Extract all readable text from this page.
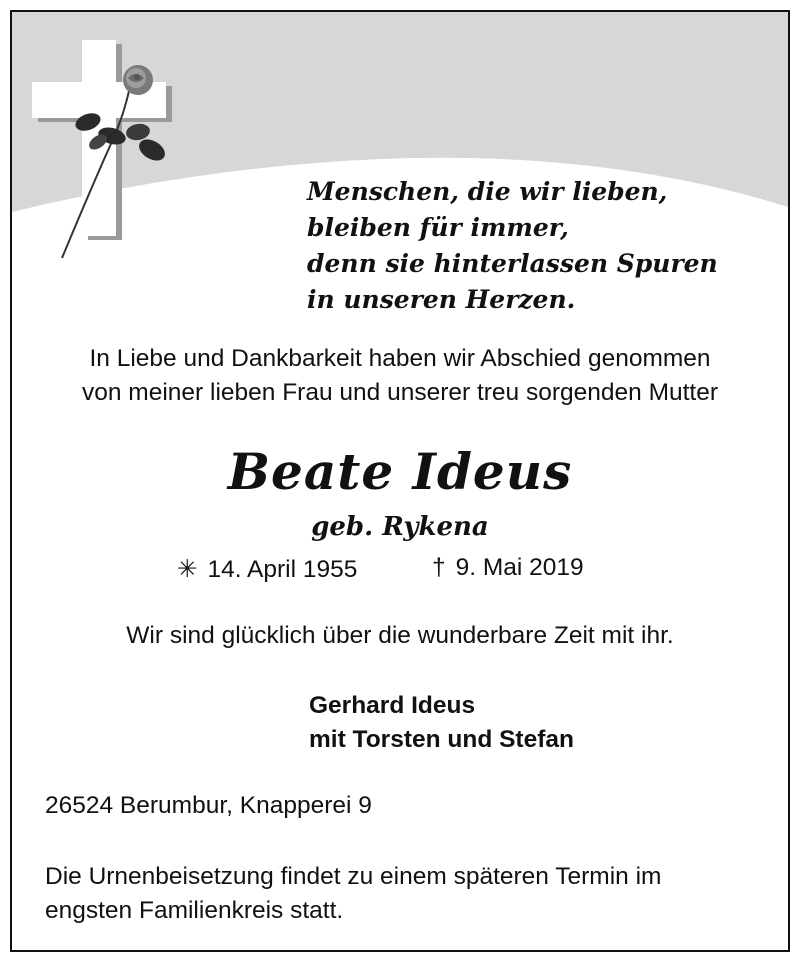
Menschen, die wir lieben,
bleiben für immer,
denn sie hinterlassen Spuren
in unseren Herzen.
In Liebe und Dankbarkeit haben wir Abschied genommen
von meiner lieben Frau und unserer treu sorgenden Mutter
Beate Ideus
geb. Rykena
✳ 14. April 1955	† 9. Mai 2019
Wir sind glücklich über die wunderbare Zeit mit ihr.
Gerhard Ideus
mit Torsten und Stefan
26524 Berumbur, Knapperei 9
Die Urnenbeisetzung findet zu einem späteren Termin im
engsten Familienkreis statt.
